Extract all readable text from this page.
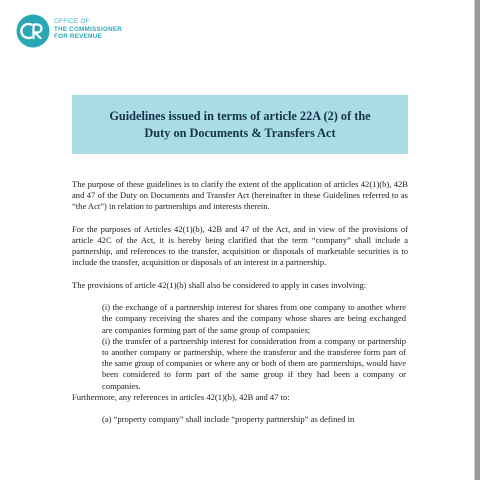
OFFICE OF
THE COMMISSIONER
FOR REVENUE
Guidelines issued in terms of article 22A (2) of the
Duty on Documents & Transfers Act

The purpose of these guidelines is to clarify the extent of the application of articles 42(1)(b), 42B and 47 of the Duty on Documents and Transfer Act (hereinafter in these Guidelines referred to as “the Act”) in relation to partnerships and interests therein.

For the purposes of Articles 42(1)(b), 42B and 47 of the Act, and in view of the provisions of article 42C of the Act, it is hereby being clarified that the term “company” shall include a partnership, and references to the transfer, acquisition or disposals of marketable securities is to include the transfer, acquisition or disposals of an interest in a partnership.

The provisions of article 42(1)(b) shall also be considered to apply in cases involving:

(i) the exchange of a partnership interest for shares from one company to another where the company receiving the shares and the company whose shares are being exchanged are companies forming part of the same group of companies;

(i) the transfer of a partnership interest for consideration from a company or partnership to another company or partnership, where the transferor and the transferee form part of the same group of companies or where any or both of them are partnerships, would have been considered to form part of the same group if they had been a company or companies.

Furthermore, any references in articles 42(1)(b), 42B and 47 to:

(a) “property company” shall include “property partnership” as defined in
